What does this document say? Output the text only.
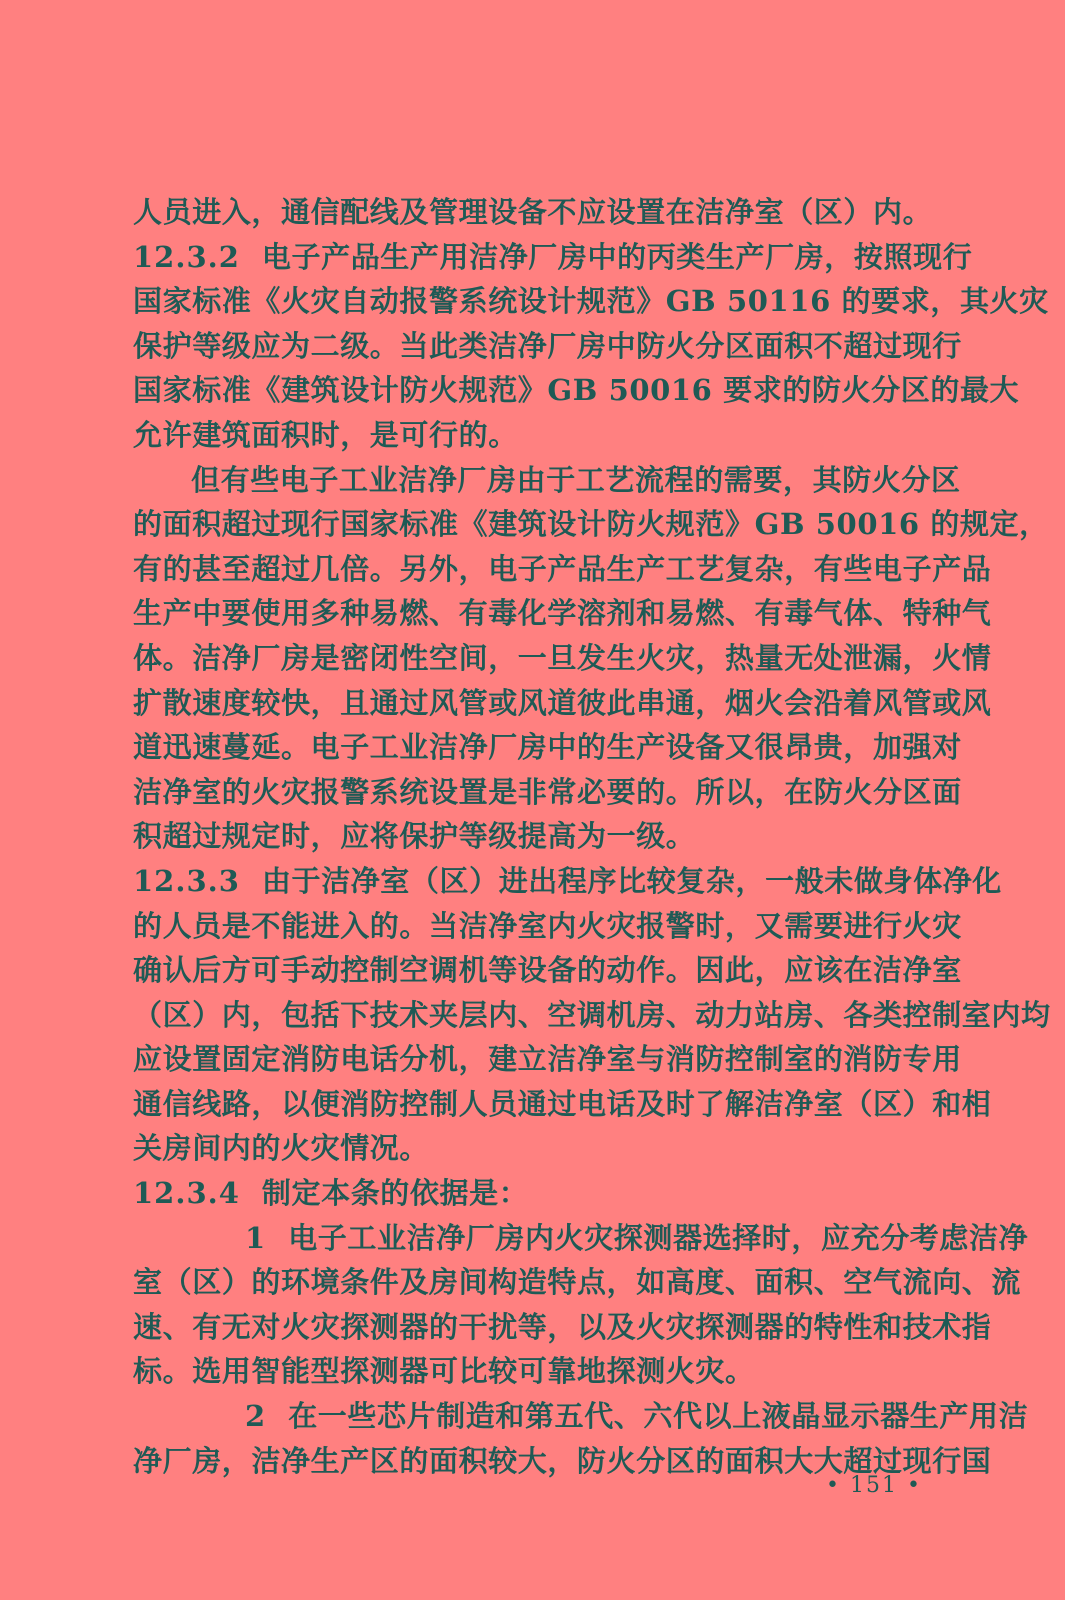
人员进入，通信配线及管理设备不应设置在洁净室（区）内。

12.3.2 电子产品生产用洁净厂房中的丙类生产厂房，按照现行
国家标准《火灾自动报警系统设计规范》GB 50116 的要求，其火灾
保护等级应为二级。当此类洁净厂房中防火分区面积不超过现行
国家标准《建筑设计防火规范》GB 50016 要求的防火分区的最大
允许建筑面积时，是可行的。

但有些电子工业洁净厂房由于工艺流程的需要，其防火分区
的面积超过现行国家标准《建筑设计防火规范》GB 50016 的规定，
有的甚至超过几倍。另外，电子产品生产工艺复杂，有些电子产品
生产中要使用多种易燃、有毒化学溶剂和易燃、有毒气体、特种气
体。洁净厂房是密闭性空间，一旦发生火灾，热量无处泄漏，火情
扩散速度较快，且通过风管或风道彼此串通，烟火会沿着风管或风
道迅速蔓延。电子工业洁净厂房中的生产设备又很昂贵，加强对
洁净室的火灾报警系统设置是非常必要的。所以，在防火分区面
积超过规定时，应将保护等级提高为一级。

12.3.3 由于洁净室（区）进出程序比较复杂，一般未做身体净化
的人员是不能进入的。当洁净室内火灾报警时，又需要进行火灾
确认后方可手动控制空调机等设备的动作。因此，应该在洁净室
（区）内，包括下技术夹层内、空调机房、动力站房、各类控制室内均
应设置固定消防电话分机，建立洁净室与消防控制室的消防专用
通信线路，以便消防控制人员通过电话及时了解洁净室（区）和相
关房间内的火灾情况。

12.3.4 制定本条的依据是：

1 电子工业洁净厂房内火灾探测器选择时，应充分考虑洁净
室（区）的环境条件及房间构造特点，如高度、面积、空气流向、流
速、有无对火灾探测器的干扰等，以及火灾探测器的特性和技术指
标。选用智能型探测器可比较可靠地探测火灾。

2 在一些芯片制造和第五代、六代以上液晶显示器生产用洁
净厂房，洁净生产区的面积较大，防火分区的面积大大超过现行国

• 151 •
